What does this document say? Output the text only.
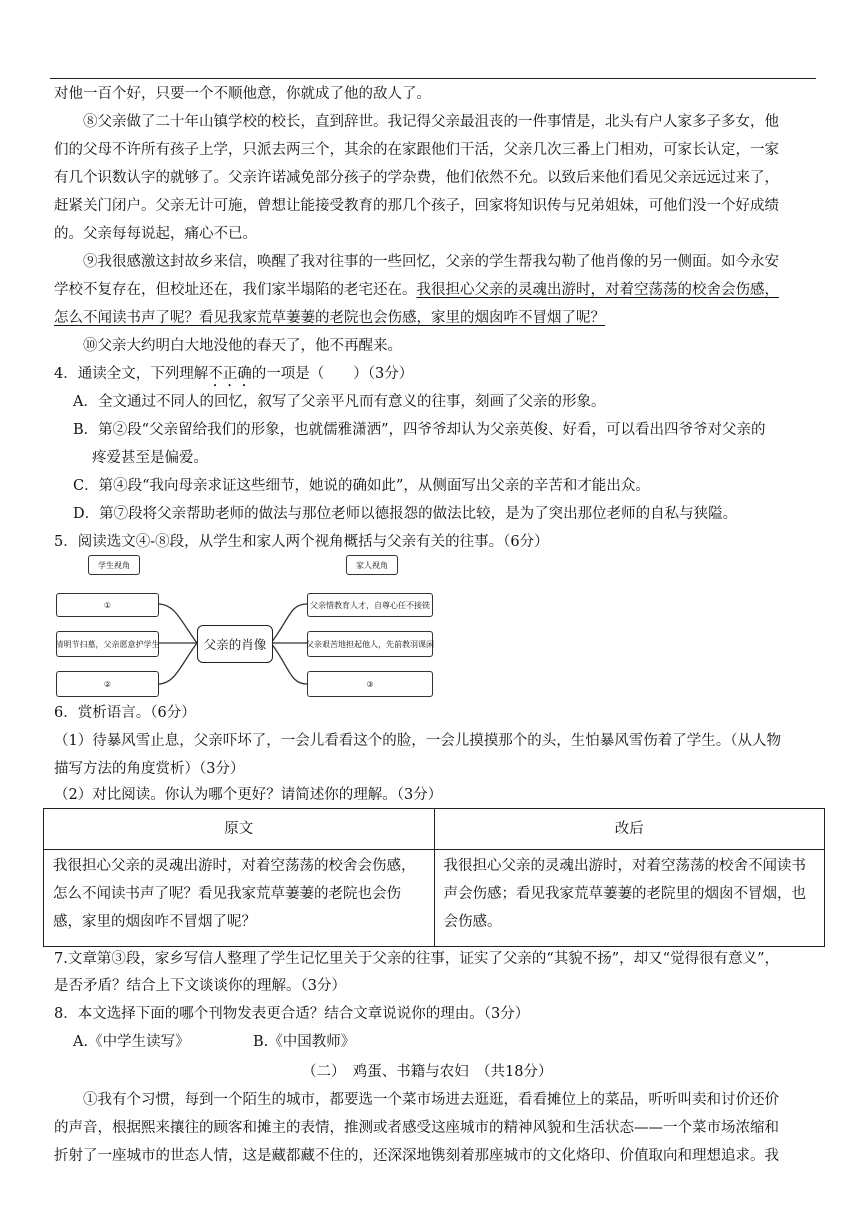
对他一百个好，只要一个不顺他意，你就成了他的敌人了。
⑧父亲做了二十年山镇学校的校长，直到辞世。我记得父亲最沮丧的一件事情是，北头有户人家多子多女，他
们的父母不许所有孩子上学，只派去两三个，其余的在家跟他们干活，父亲几次三番上门相劝，可家长认定，一家
有几个识数认字的就够了。父亲许诺减免部分孩子的学杂费，他们依然不允。以致后来他们看见父亲远远过来了，
赶紧关门闭户。父亲无计可施，曾想让能接受教育的那几个孩子，回家将知识传与兄弟姐妹，可他们没一个好成绩
的。父亲每每说起，痛心不已。
⑨我很感激这封故乡来信，唤醒了我对往事的一些回忆，父亲的学生帮我勾勒了他肖像的另一侧面。如今永安
学校不复存在，但校址还在，我们家半塌陷的老宅还在。我很担心父亲的灵魂出游时，对着空荡荡的校舍会伤感，
怎么不闻读书声了呢？看见我家荒草萋萋的老院也会伤感，家里的烟囱咋不冒烟了呢？
⑩父亲大约明白大地没他的春天了，他不再醒来。
4．通读全文，下列理解不正确的一项是（　　）（3分）
A．全文通过不同人的回忆，叙写了父亲平凡而有意义的往事，刻画了父亲的形象。
B．第②段“父亲留给我们的形象，也就儒雅潇洒”，四爷爷却认为父亲英俊、好看，可以看出四爷爷对父亲的
疼爱甚至是偏爱。
C．第④段“我向母亲求证这些细节，她说的确如此”，从侧面写出父亲的辛苦和才能出众。
D．第⑦段将父亲帮助老师的做法与那位老师以德报怨的做法比较，是为了突出那位老师的自私与狭隘。
5．阅读选文④-⑧段，从学生和家人两个视角概括与父亲有关的往事。（6分）
学生视角	家人视角
①
清明节扫墓，父亲愿意护学生
②
父亲的肖像
父亲惜教育人才，自尊心任不接铣
父亲艰苦地担起他人，先前教羽课闲
③
6．赏析语言。（6分）
（1）待暴风雪止息，父亲吓坏了，一会儿看看这个的脸，一会儿摸摸那个的头，生怕暴风雪伤着了学生。（从人物
描写方法的角度赏析）（3分）
（2）对比阅读。你认为哪个更好？请简述你的理解。（3分）
原文	改后
我很担心父亲的灵魂出游时，对着空荡荡的校舍会伤感，怎么不闻读书声了呢？看见我家荒草萋萋的老院也会伤感，家里的烟囱咋不冒烟了呢？	我很担心父亲的灵魂出游时，对着空荡荡的校舍不闻读书声会伤感；看见我家荒草萋萋的老院里的烟囱不冒烟，也会伤感。
7.文章第③段，家乡写信人整理了学生记忆里关于父亲的往事，证实了父亲的“其貌不扬”，却又“觉得很有意义”，
是否矛盾？结合上下文谈谈你的理解。（3分）
8．本文选择下面的哪个刊物发表更合适？结合文章说说你的理由。（3分）
A.《中学生读写》	B.《中国教师》
（二）　鸡蛋、书籍与农妇　（共18分）
①我有个习惯，每到一个陌生的城市，都要选一个菜市场进去逛逛，看看摊位上的菜品，听听叫卖和讨价还价
的声音，根据熙来攘往的顾客和摊主的表情，推测或者感受这座城市的精神风貌和生活状态——一个菜市场浓缩和
折射了一座城市的世态人情，这是藏都藏不住的，还深深地镌刻着那座城市的文化烙印、价值取向和理想追求。我
